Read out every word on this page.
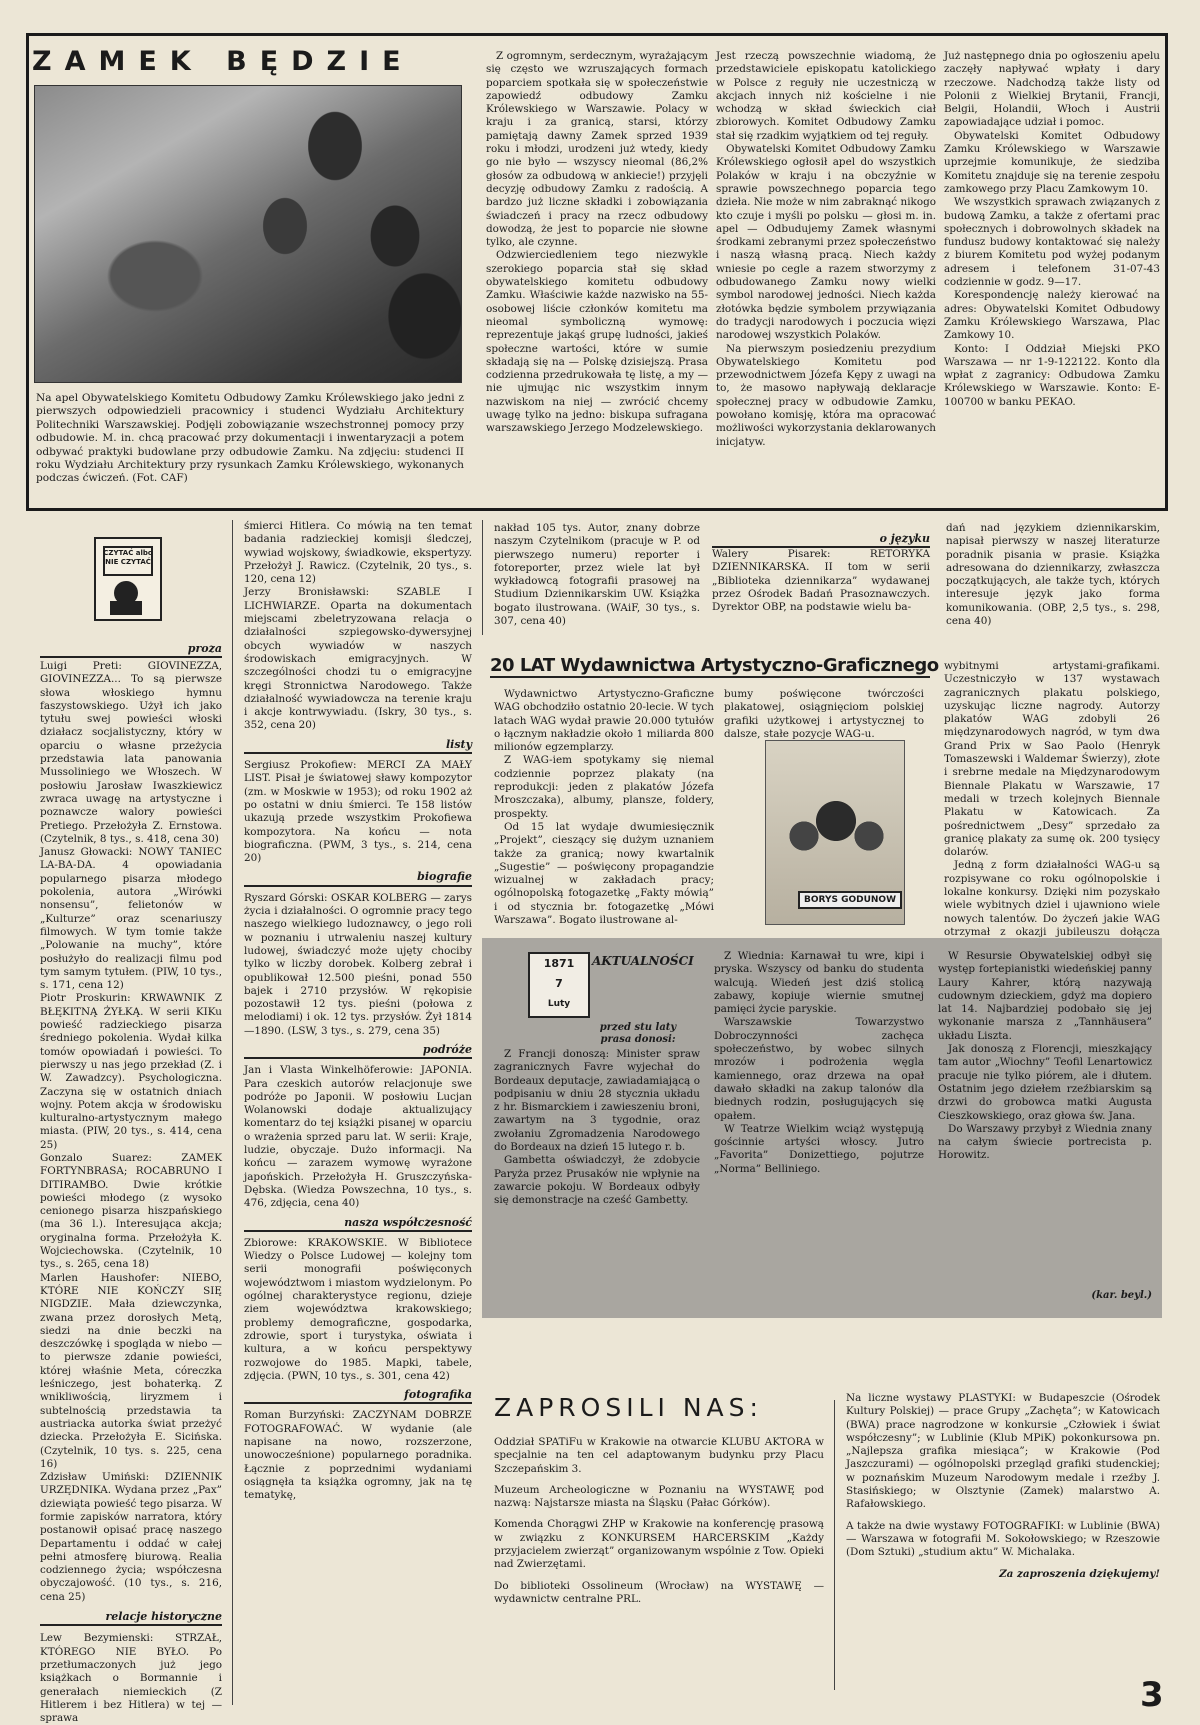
ZAMEK BĘDZIE
Na apel Obywatelskiego Komitetu Odbudowy Zamku Królewskiego jako jedni z pierwszych odpowiedzieli pracownicy i studenci Wydziału Architektury Politechniki Warszawskiej. Podjęli zobowiązanie wszechstronnej pomocy przy odbudowie. M. in. chcą pracować przy dokumentacji i inwentaryzacji a potem odbywać praktyki budowlane przy odbudowie Zamku. Na zdjęciu: studenci II roku Wydziału Architektury przy rysunkach Zamku Królewskiego, wykonanych podczas ćwiczeń. (Fot. CAF)

Z ogromnym, serdecznym, wyrażającym się często we wzruszających formach poparciem spotkała się w społeczeństwie zapowiedź odbudowy Zamku Królewskiego w Warszawie. Polacy w kraju i za granicą, starsi, którzy pamiętają dawny Zamek sprzed 1939 roku i młodzi, urodzeni już wtedy, kiedy go nie było — wszyscy nieomal (86,2% głosów za odbudową w ankiecie!) przyjęli decyzję odbudowy Zamku z radością. A bardzo już liczne składki i zobowiązania świadczeń i pracy na rzecz odbudowy dowodzą, że jest to poparcie nie słowne tylko, ale czynne.

Odzwierciedleniem tego niezwykle szerokiego poparcia stał się skład obywatelskiego komitetu odbudowy Zamku. Właściwie każde nazwisko na 55-osobowej liście członków komitetu ma nieomal symboliczną wymowę: reprezentuje jakąś grupę ludności, jakieś społeczne wartości, które w sumie składają się na — Polskę dzisiejszą. Prasa codzienna przedrukowała tę listę, a my — nie ujmując nic wszystkim innym nazwiskom na niej — zwrócić chcemy uwagę tylko na jedno: biskupa sufragana warszawskiego Jerzego Modzelewskiego.

Jest rzeczą powszechnie wiadomą, że przedstawiciele episkopatu katolickiego w Polsce z reguły nie uczestniczą w akcjach innych niż kościelne i nie wchodzą w skład świeckich ciał zbiorowych. Komitet Odbudowy Zamku stał się rzadkim wyjątkiem od tej reguły.

Obywatelski Komitet Odbudowy Zamku Królewskiego ogłosił apel do wszystkich Polaków w kraju i na obczyźnie w sprawie powszechnego poparcia tego dzieła. Nie może w nim zabraknąć nikogo kto czuje i myśli po polsku — głosi m. in. apel — Odbudujemy Zamek własnymi środkami zebranymi przez społeczeństwo i naszą własną pracą. Niech każdy wniesie po cegle a razem stworzymy z odbudowanego Zamku nowy wielki symbol narodowej jedności. Niech każda złotówka będzie symbolem przywiązania do tradycji narodowych i poczucia więzi narodowej wszystkich Polaków.

Na pierwszym posiedzeniu prezydium Obywatelskiego Komitetu pod przewodnictwem Józefa Kępy z uwagi na to, że masowo napływają deklaracje społecznej pracy w odbudowie Zamku, powołano komisję, która ma opracować możliwości wykorzystania deklarowanych inicjatyw.

Już następnego dnia po ogłoszeniu apelu zaczęły napływać wpłaty i dary rzeczowe. Nadchodzą także listy od Polonii z Wielkiej Brytanii, Francji, Belgii, Holandii, Włoch i Austrii zapowiadające udział i pomoc.

Obywatelski Komitet Odbudowy Zamku Królewskiego w Warszawie uprzejmie komunikuje, że siedziba Komitetu znajduje się na terenie zespołu zamkowego przy Placu Zamkowym 10.

We wszystkich sprawach związanych z budową Zamku, a także z ofertami prac społecznych i dobrowolnych składek na fundusz budowy kontaktować się należy z biurem Komitetu pod wyżej podanym adresem i telefonem 31-07-43 codziennie w godz. 9—17.

Korespondencję należy kierować na adres: Obywatelski Komitet Odbudowy Zamku Królewskiego Warszawa, Plac Zamkowy 10.

Konto: I Oddział Miejski PKO Warszawa — nr 1-9-122122. Konto dla wpłat z zagranicy: Odbudowa Zamku Królewskiego w Warszawie. Konto: E-100700 w banku PEKAO.

CZYTAĆ albo NIE CZYTAĆ
proza

Luigi Preti: GIOVINEZZA, GIOVINEZZA... To są pierwsze słowa włoskiego hymnu faszystowskiego. Użył ich jako tytułu swej powieści włoski działacz socjalistyczny, który w oparciu o własne przeżycia przedstawia lata panowania Mussoliniego we Włoszech. W posłowiu Jarosław Iwaszkiewicz zwraca uwagę na artystyczne i poznawcze walory powieści Pretiego. Przełożyła Z. Ernstowa. (Czytelnik, 8 tys., s. 418, cena 30)

Janusz Głowacki: NOWY TANIEC LA-BA-DA. 4 opowiadania popularnego pisarza młodego pokolenia, autora „Wirówki nonsensu”, felietonów w „Kulturze” oraz scenariuszy filmowych. W tym tomie także „Polowanie na muchy”, które posłużyło do realizacji filmu pod tym samym tytułem. (PIW, 10 tys., s. 171, cena 12)

Piotr Proskurin: KRWAWNIK Z BŁĘKITNĄ ŻYŁKĄ. W serii KIKu powieść radzieckiego pisarza średniego pokolenia. Wydał kilka tomów opowiadań i powieści. To pierwszy u nas jego przekład (Z. i W. Zawadzcy). Psychologiczna. Zaczyna się w ostatnich dniach wojny. Potem akcja w środowisku kulturalno-artystycznym małego miasta. (PIW, 20 tys., s. 414, cena 25)

Gonzalo Suarez: ZAMEK FORTYNBRASA; ROCABRUNO I DITIRAMBO. Dwie krótkie powieści młodego (z wysoko cenionego pisarza hiszpańskiego (ma 36 l.). Interesująca akcja; oryginalna forma. Przełożyła K. Wojciechowska. (Czytelnik, 10 tys., s. 265, cena 18)

Marlen Haushofer: NIEBO, KTÓRE NIE KOŃCZY SIĘ NIGDZIE. Mała dziewczynka, zwana przez dorosłych Metą, siedzi na dnie beczki na deszczówkę i spogląda w niebo — to pierwsze zdanie powieści, której właśnie Meta, córeczka leśniczego, jest bohaterką. Z wnikliwością, liryzmem i subtelnością przedstawia ta austriacka autorka świat przeżyć dziecka. Przełożyła E. Sicińska. (Czytelnik, 10 tys. s. 225, cena 16)

Zdzisław Umiński: DZIENNIK URZĘDNIKA. Wydana przez „Pax” dziewiąta powieść tego pisarza. W formie zapisków narratora, który postanowił opisać pracę naszego Departamentu i oddać w całej pełni atmosferę biurową. Realia codziennego życia; współczesna obyczajowość. (10 tys., s. 216, cena 25)

relacje historyczne

Lew Bezymienski: STRZAŁ, KTÓREGO NIE BYŁO. Po przetłumaczonych już jego książkach o Bormannie i generałach niemieckich (Z Hitlerem i bez Hitlera) w tej — sprawa

śmierci Hitlera. Co mówią na ten temat badania radzieckiej komisji śledczej, wywiad wojskowy, świadkowie, ekspertyzy. Przełożył J. Rawicz. (Czytelnik, 20 tys., s. 120, cena 12)

Jerzy Bronisławski: SZABLE I LICHWIARZE. Oparta na dokumentach miejscami zbeletryzowana relacja o działalności szpiegowsko-dywersyjnej obcych wywiadów w naszych środowiskach emigracyjnych. W szczególności chodzi tu o emigracyjne kręgi Stronnictwa Narodowego. Także działalność wywiadowcza na terenie kraju i akcje kontrwywiadu. (Iskry, 30 tys., s. 352, cena 20)

listy

Sergiusz Prokofiew: MERCI ZA MAŁY LIST. Pisał je światowej sławy kompozytor (zm. w Moskwie w 1953); od roku 1902 aż po ostatni w dniu śmierci. Te 158 listów ukazują przede wszystkim Prokofiewa kompozytora. Na końcu — nota biograficzna. (PWM, 3 tys., s. 214, cena 20)

biografie

Ryszard Górski: OSKAR KOLBERG — zarys życia i działalności. O ogromnie pracy tego naszego wielkiego ludoznawcy, o jego roli w poznaniu i utrwaleniu naszej kultury ludowej, świadczyć może ujęty chociby tylko w liczby dorobek. Kolberg zebrał i opublikował 12.500 pieśni, ponad 550 bajek i 2710 przysłów. W rękopisie pozostawił 12 tys. pieśni (połowa z melodiami) i ok. 12 tys. przysłów. Żył 1814—1890. (LSW, 3 tys., s. 279, cena 35)

podróże

Jan i Vlasta Winkelhöferowie: JAPONIA. Para czeskich autorów relacjonuje swe podróże po Japonii. W posłowiu Lucjan Wolanowski dodaje aktualizujący komentarz do tej książki pisanej w oparciu o wrażenia sprzed paru lat. W serii: Kraje, ludzie, obyczaje. Dużo informacji. Na końcu — zarazem wymowę wyrażone japońskich. Przełożyła H. Gruszczyńska-Dębska. (Wiedza Powszechna, 10 tys., s. 476, zdjęcia, cena 40)

nasza współczesność

Zbiorowe: KRAKOWSKIE. W Bibliotece Wiedzy o Polsce Ludowej — kolejny tom serii monografii poświęconych województwom i miastom wydzielonym. Po ogólnej charakterystyce regionu, dzieje ziem województwa krakowskiego; problemy demograficzne, gospodarka, zdrowie, sport i turystyka, oświata i kultura, a w końcu perspektywy rozwojowe do 1985. Mapki, tabele, zdjęcia. (PWN, 10 tys., s. 301, cena 42)

fotografika

Roman Burzyński: ZACZYNAM DOBRZE FOTOGRAFOWAĆ. W wydanie (ale napisane na nowo, rozszerzone, unowocześnione) popularnego poradnika. Łącznie z poprzednimi wydaniami osiągnęła ta książka ogromny, jak na tę tematykę,

nakład 105 tys. Autor, znany dobrze naszym Czytelnikom (pracuje w P. od pierwszego numeru) reporter i fotoreporter, przez wiele lat był wykładowcą fotografii prasowej na Studium Dziennikarskim UW. Książka bogato ilustrowana. (WAiF, 30 tys., s. 307, cena 40)

o języku

Walery Pisarek: RETORYKA DZIENNIKARSKA. II tom w serii „Biblioteka dziennikarza” wydawanej przez Ośrodek Badań Prasoznawczych. Dyrektor OBP, na podstawie wielu ba-

dań nad językiem dziennikarskim, napisał pierwszy w naszej literaturze poradnik pisania w prasie. Książka adresowana do dziennikarzy, zwłaszcza początkujących, ale także tych, których interesuje język jako forma komunikowania. (OBP, 2,5 tys., s. 298, cena 40)

20 LAT Wydawnictwa Artystyczno-Graficznego

Wydawnictwo Artystyczno-Graficzne WAG obchodziło ostatnio 20-lecie. W tych latach WAG wydał prawie 20.000 tytułów o łącznym nakładzie około 1 miliarda 800 milionów egzemplarzy.

Z WAG-iem spotykamy się niemal codziennie poprzez plakaty (na reprodukcji: jeden z plakatów Józefa Mroszczaka), albumy, plansze, foldery, prospekty.

Od 15 lat wydaje dwumiesięcznik „Projekt”, cieszący się dużym uznaniem także za granicą; nowy kwartalnik „Sugestie” — poświęcony propagandzie wizualnej w zakładach pracy; ogólnopolską fotogazetkę „Fakty mówią” i od stycznia br. fotogazetkę „Mówi Warszawa”. Bogato ilustrowane al-

bumy poświęcone twórczości plakatowej, osiągnięciom polskiej grafiki użytkowej i artystycznej to dalsze, stałe pozycje WAG-u.

BORYS GODUNOW

wybitnymi artystami-grafikami. Uczestniczyło w 137 wystawach zagranicznych plakatu polskiego, uzyskując liczne nagrody. Autorzy plakatów WAG zdobyli 26 międzynarodowych nagród, w tym dwa Grand Prix w Sao Paolo (Henryk Tomaszewski i Waldemar Świerzy), złote i srebrne medale na Międzynarodowym Biennale Plakatu w Warszawie, 17 medali w trzech kolejnych Biennale Plakatu w Katowicach. Za pośrednictwem „Desy” sprzedało za granicę plakaty za sumę ok. 200 tysięcy dolarów.

Jedną z form działalności WAG-u są rozpisywane co roku ogólnopolskie i lokalne konkursy. Dzięki nim pozyskało wiele wybitnych dziel i ujawniono wiele nowych talentów. Do życzeń jakie WAG otrzymał z okazji jubileuszu dołącza

1871
7
Luty
AKTUALNOŚCI
przed stu laty prasa donosi:

Z Francji donoszą: Minister spraw zagranicznych Favre wyjechał do Bordeaux deputacje, zawiadamiającą o podpisaniu w dniu 28 stycznia układu z hr. Bismarckiem i zawieszeniu broni, zawartym na 3 tygodnie, oraz zwołaniu Zgromadzenia Narodowego do Bordeaux na dzień 15 lutego r. b.

Gambetta oświadczył, że zdobycie Paryża przez Prusaków nie wpłynie na zawarcie pokoju. W Bordeaux odbyły się demonstracje na cześć Gambetty.

Z Wiednia: Karnawał tu wre, kipi i pryska. Wszyscy od banku do studenta walcują. Wiedeń jest dziś stolicą zabawy, kopiuje wiernie smutnej pamięci życie paryskie.

Warszawskie Towarzystwo Dobroczynności zachęca społeczeństwo, by wobec silnych mrozów i podrożenia węgla kamiennego, oraz drzewa na opał dawało składki na zakup talonów dla biednych rodzin, posługujących się opałem.

W Teatrze Wielkim wciąż występują gościnnie artyści włoscy. Jutro „Favorita” Donizettiego, pojutrze „Norma” Belliniego.

W Resursie Obywatelskiej odbył się występ fortepianistki wiedeńskiej panny Laury Kahrer, którą nazywają cudownym dzieckiem, gdyż ma dopiero lat 14. Najbardziej podobało się jej wykonanie marsza z „Tannhäusera” układu Liszta.

Jak donoszą z Florencji, mieszkający tam autor „Wiochny” Teofil Lenartowicz pracuje nie tylko piórem, ale i dłutem. Ostatnim jego dziełem rzeźbiarskim są drzwi do grobowca matki Augusta Cieszkowskiego, oraz głowa św. Jana.

Do Warszawy przybył z Wiednia znany na całym świecie portrecista p. Horowitz.

(kar. beyl.)
ZAPROSILI NAS:

Oddział SPATiFu w Krakowie na otwarcie KLUBU AKTORA w specjalnie na ten cel adaptowanym budynku przy Placu Szczepańskim 3.

Muzeum Archeologiczne w Poznaniu na WYSTAWĘ pod nazwą: Najstarsze miasta na Śląsku (Pałac Górków).

Komenda Chorągwi ZHP w Krakowie na konferencję prasową w związku z KONKURSEM HARCERSKIM „Każdy przyjacielem zwierząt” organizowanym wspólnie z Tow. Opieki nad Zwierzętami.

Do biblioteki Ossolineum (Wrocław) na WYSTAWĘ — wydawnictw centralne PRL.

Na liczne wystawy PLASTYKI: w Budapeszcie (Ośrodek Kultury Polskiej) — prace Grupy „Zachęta”; w Katowicach (BWA) prace nagrodzone w konkursie „Człowiek i świat współczesny”; w Lublinie (Klub MPiK) pokonkursowa pn. „Najlepsza grafika miesiąca”; w Krakowie (Pod Jaszczurami) — ogólnopolski przegląd grafiki studenckiej; w poznańskim Muzeum Narodowym medale i rzeźby J. Stasińskiego; w Olsztynie (Zamek) malarstwo A. Rafałowskiego.

A także na dwie wystawy FOTOGRAFIKI: w Lublinie (BWA) — Warszawa w fotografii M. Sokołowskiego; w Rzeszowie (Dom Sztuki) „studium aktu” W. Michalaka.

Za zaproszenia dziękujemy!

3
